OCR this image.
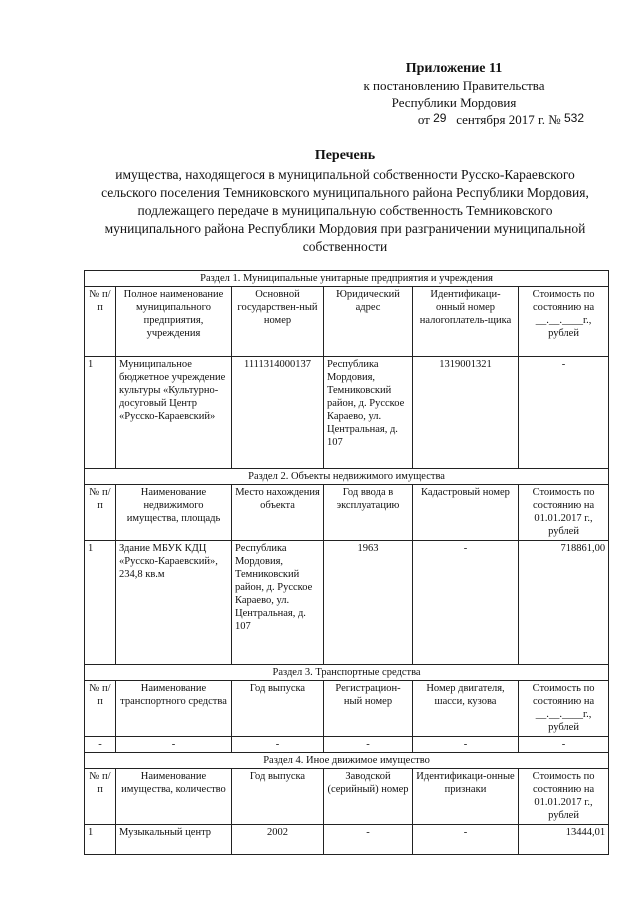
Приложение 11
к постановлению Правительства
Республики Мордовия
от 29 сентября 2017 г. № 532
Перечень
имущества, находящегося в муниципальной собственности Русско-Караевского сельского поселения Темниковского муниципального района Республики Мордовия, подлежащего передаче в муниципальную собственность Темниковского муниципального района Республики Мордовия при разграничении муниципальной собственности
Раздел 1. Муниципальные унитарные предприятия и учреждения					
№ п/п	Полное наименование муниципального предприятия, учреждения	Основной государствен-ный номер	Юридический адрес	Идентификаци-онный номер налогоплатель-щика	Стоимость по состоянию на __.__.____г., рублей
1	Муниципальное бюджетное учреждение культуры «Культурно-досуговый Центр «Русско-Караевский»	1111314000137	Республика Мордовия, Темниковский район, д. Русское Караево, ул. Центральная, д. 107	1319001321	-
Раздел 2. Объекты недвижимого имущества					
№ п/п	Наименование недвижимого имущества, площадь	Место нахождения объекта	Год ввода в эксплуатацию	Кадастровый номер	Стоимость по состоянию на 01.01.2017 г., рублей
1	Здание МБУК КДЦ «Русско-Караевский», 234,8 кв.м	Республика Мордовия, Темниковский район, д. Русское Караево, ул. Центральная, д. 107	1963	-	718861,00
Раздел 3. Транспортные средства					
№ п/п	Наименование транспортного средства	Год выпуска	Регистрацион-ный номер	Номер двигателя, шасси, кузова	Стоимость по состоянию на __.__.____г., рублей
-	-	-	-	-	-
Раздел 4. Иное движимое имущество					
№ п/п	Наименование имущества, количество	Год выпуска	Заводской (серийный) номер	Идентификаци-онные признаки	Стоимость по состоянию на 01.01.2017 г., рублей
1	Музыкальный центр	2002	-	-	13444,01
